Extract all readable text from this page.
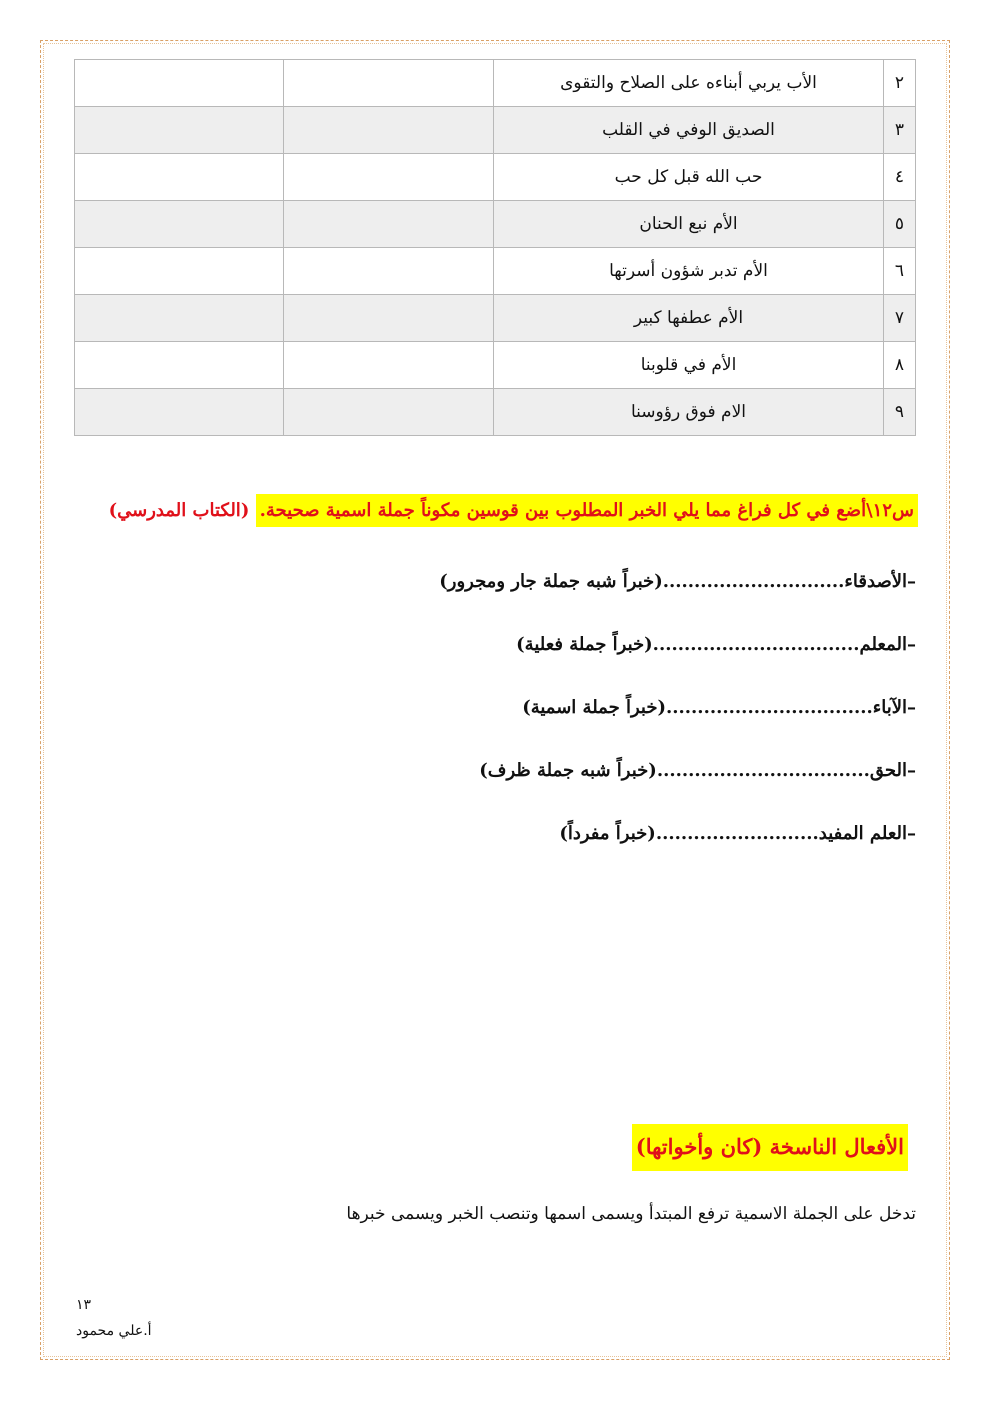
٢	الأب يربي أبناءه على الصلاح والتقوى		
٣	الصديق الوفي في القلب		
٤	حب الله قبل كل حب		
٥	الأم نبع الحنان		
٦	الأم تدبر شؤون أسرتها		
٧	الأم عطفها كبير		
٨	الأم في قلوبنا		
٩	الام فوق رؤوسنا		
س١٢\أضع في كل فراغ مما يلي الخبر المطلوب بين قوسين مكوناً جملة اسمية صحيحة. (الكتاب المدرسي)
–الأصدقاء.............................(خبراً شبه جملة جار ومجرور)
–المعلم.................................(خبراً جملة فعلية)
–الآباء.................................(خبراً جملة اسمية)
–الحق..................................(خبراً شبه جملة ظرف)
–العلم المفيد..........................(خبراً مفرداً)
الأفعال الناسخة (كان وأخواتها)
تدخل على الجملة الاسمية ترفع المبتدأ ويسمى اسمها وتنصب الخبر ويسمى خبرها
١٣
أ.علي محمود
